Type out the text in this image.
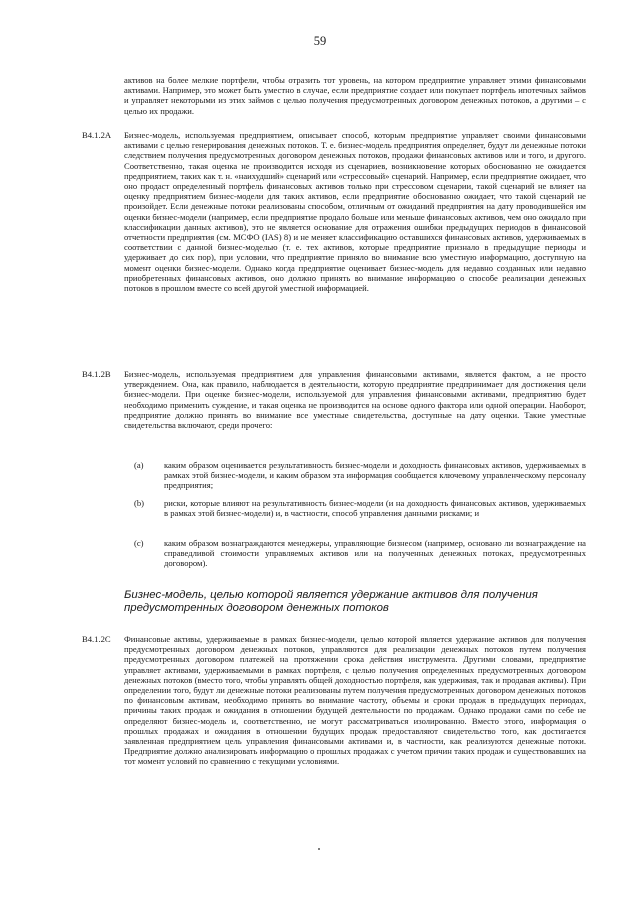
59

активов на более мелкие портфели, чтобы отразить тот уровень, на котором предприятие управляет этими финансовыми активами. Например, это может быть уместно в случае, если предприятие создает или покупает портфель ипотечных займов и управляет некоторыми из этих займов с целью получения предусмотренных договором денежных потоков, а другими – с целью их продажи.

B4.1.2A Бизнес-модель, используемая предприятием, описывает способ, которым предприятие управляет своими финансовыми активами с целью генерирования денежных потоков. Т. е. бизнес-модель предприятия определяет, будут ли денежные потоки следствием получения предусмотренных договором денежных потоков, продажи финансовых активов или и того, и другого. Соответственно, такая оценка не производится исходя из сценариев, возникновение которых обоснованно не ожидается предприятием, таких как т. н. «наихудший» сценарий или «стрессовый» сценарий. Например, если предприятие ожидает, что оно продаст определенный портфель финансовых активов только при стрессовом сценарии, такой сценарий не влияет на оценку предприятием бизнес-модели для таких активов, если предприятие обоснованно ожидает, что такой сценарий не произойдет. Если денежные потоки реализованы способом, отличным от ожиданий предприятия на дату проводившейся им оценки бизнес-модели (например, если предприятие продало больше или меньше финансовых активов, чем оно ожидало при классификации данных активов), это не является основание для отражения ошибки предыдущих периодов в финансовой отчетности предприятия (см. МСФО (IAS) 8) и не меняет классификацию оставшихся финансовых активов, удерживаемых в соответствии с данной бизнес-моделью (т. е. тех активов, которые предприятие признало в предыдущие периоды и удерживает до сих пор), при условии, что предприятие приняло во внимание всю уместную информацию, доступную на момент оценки бизнес-модели. Однако когда предприятие оценивает бизнес-модель для недавно созданных или недавно приобретенных финансовых активов, оно должно принять во внимание информацию о способе реализации денежных потоков в прошлом вместе со всей другой уместной информацией.

B4.1.2B Бизнес-модель, используемая предприятием для управления финансовыми активами, является фактом, а не просто утверждением. Она, как правило, наблюдается в деятельности, которую предприятие предпринимает для достижения цели бизнес-модели. При оценке бизнес-модели, используемой для управления финансовыми активами, предприятию будет необходимо применить суждение, и такая оценка не производится на основе одного фактора или одной операции. Наоборот, предприятие должно принять во внимание все уместные свидетельства, доступные на дату оценки. Такие уместные свидетельства включают, среди прочего:

(a) каким образом оценивается результативность бизнес-модели и доходность финансовых активов, удерживаемых в рамках этой бизнес-модели, и каким образом эта информация сообщается ключевому управленческому персоналу предприятия;

(b) риски, которые влияют на результативность бизнес-модели (и на доходность финансовых активов, удерживаемых в рамках этой бизнес-модели) и, в частности, способ управления данными рисками; и

(c) каким образом вознаграждаются менеджеры, управляющие бизнесом (например, основано ли вознаграждение на справедливой стоимости управляемых активов или на полученных денежных потоках, предусмотренных договором).

Бизнес-модель, целью которой является удержание активов для получения предусмотренных договором денежных потоков

B4.1.2C Финансовые активы, удерживаемые в рамках бизнес-модели, целью которой является удержание активов для получения предусмотренных договором денежных потоков, управляются для реализации денежных потоков путем получения предусмотренных договором платежей на протяжении срока действия инструмента. Другими словами, предприятие управляет активами, удерживаемыми в рамках портфеля, с целью получения определенных предусмотренных договором денежных потоков (вместо того, чтобы управлять общей доходностью портфеля, как удерживая, так и продавая активы). При определении того, будут ли денежные потоки реализованы путем получения предусмотренных договором денежных потоков по финансовым активам, необходимо принять во внимание частоту, объемы и сроки продаж в предыдущих периодах, причины таких продаж и ожидания в отношении будущей деятельности по продажам. Однако продажи сами по себе не определяют бизнес-модель и, соответственно, не могут рассматриваться изолированно. Вместо этого, информация о прошлых продажах и ожидания в отношении будущих продаж предоставляют свидетельство того, как достигается заявленная предприятием цель управления финансовыми активами и, в частности, как реализуются денежные потоки. Предприятие должно анализировать информацию о прошлых продажах с учетом причин таких продаж и существовавших на тот момент условий по сравнению с текущими условиями.
